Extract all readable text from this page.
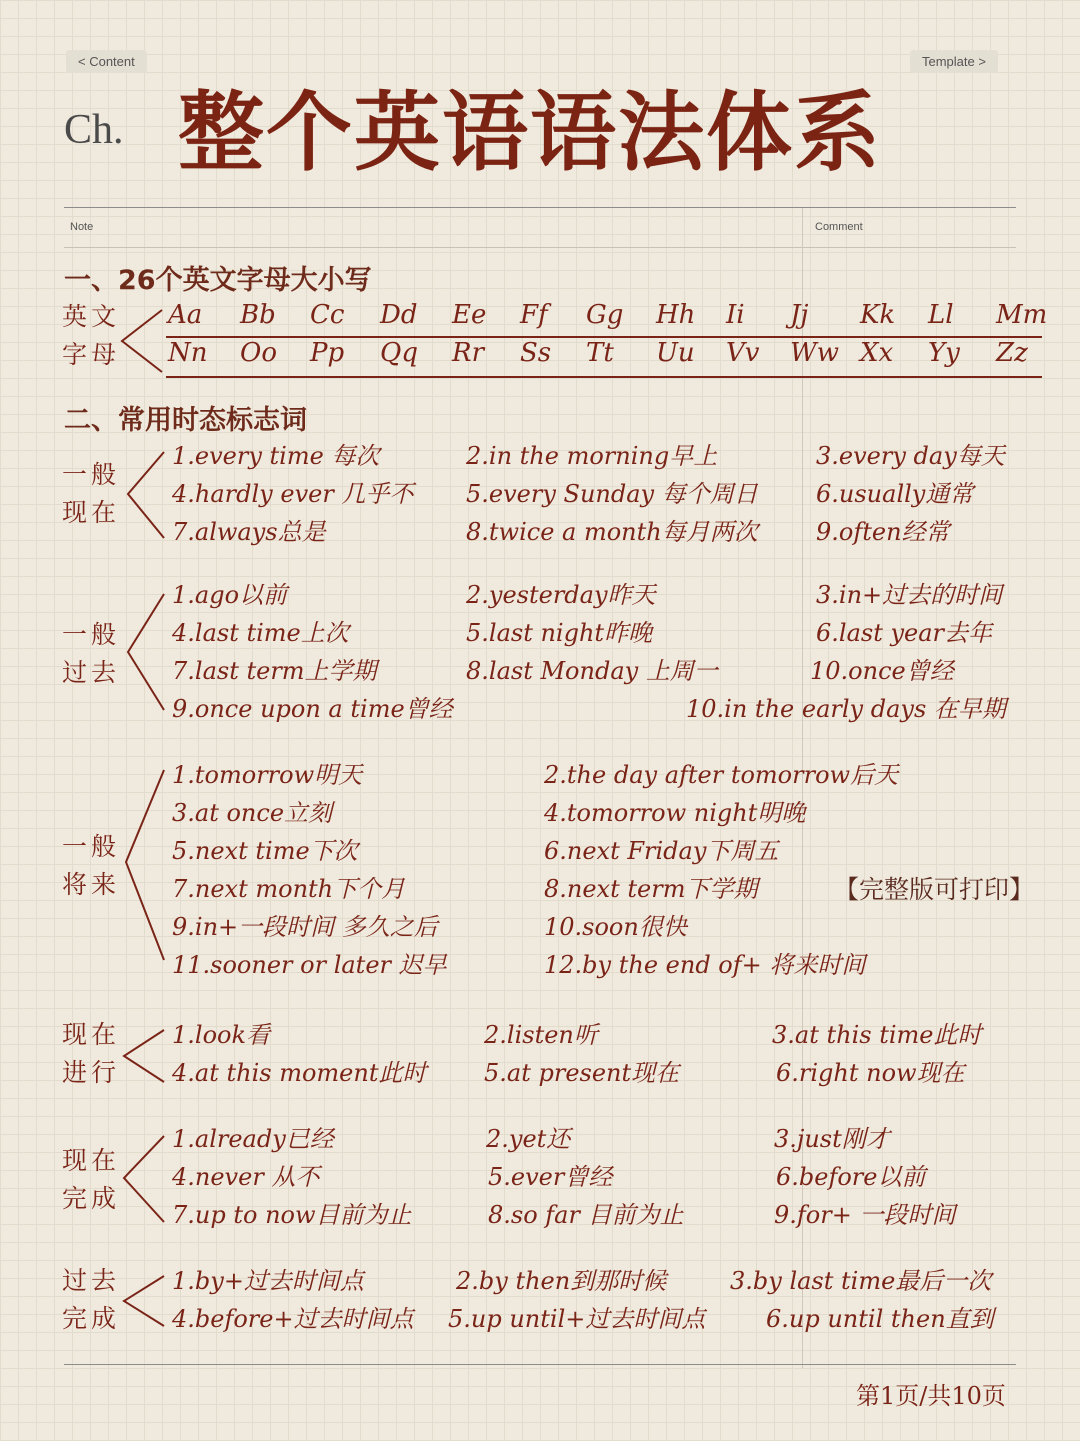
< Content	Template >
Ch. 整个英语语法体系
Note	Comment
一、26个英文字母大小写
英文
字母
Aa Bb Cc Dd Ee Ff Gg Hh Ii Jj Kk Ll Mm
Nn Oo Pp Qq Rr Ss Tt Uu Vv Ww Xx Yy Zz
二、常用时态标志词
一般
现在
1.every time 每次	2.in the morning早上	3.every day每天
4.hardly ever 几乎不 5.every Sunday 每个周日 6.usually通常
7.always总是	8.twice a month每月两次 9.often经常
一般
过去
1.ago以前	2.yesterday昨天	3.in+过去的时间
4.last time上次	5.last night昨晚	6.last year去年
7.last term上学期	8.last Monday 上周一	10.once曾经
9.once upon a time曾经	10.in the early days 在早期
一般
将来
1.tomorrow明天	2.the day after tomorrow后天
3.at once立刻	4.tomorrow night明晚
5.next time下次	6.next Friday下周五
7.next month下个月	8.next term下学期	【完整版可打印】
9.in+一段时间 多久之后	10.soon很快
11.sooner or later 迟早	12.by the end of+ 将来时间
现在
进行
1.look看	2.listen听	3.at this time此时
4.at this moment此时 5.at present现在	6.right now现在
现在
完成
1.already已经	2.yet还	3.just刚才
4.never 从不	5.ever曾经	6.before以前
7.up to now目前为止	8.so far 目前为止	9.for+ 一段时间
过去
完成
1.by+过去时间点	2.by then到那时候	3.by last time最后一次
4.before+过去时间点 5.up until+过去时间点	6.up until then直到
第1页/共10页
